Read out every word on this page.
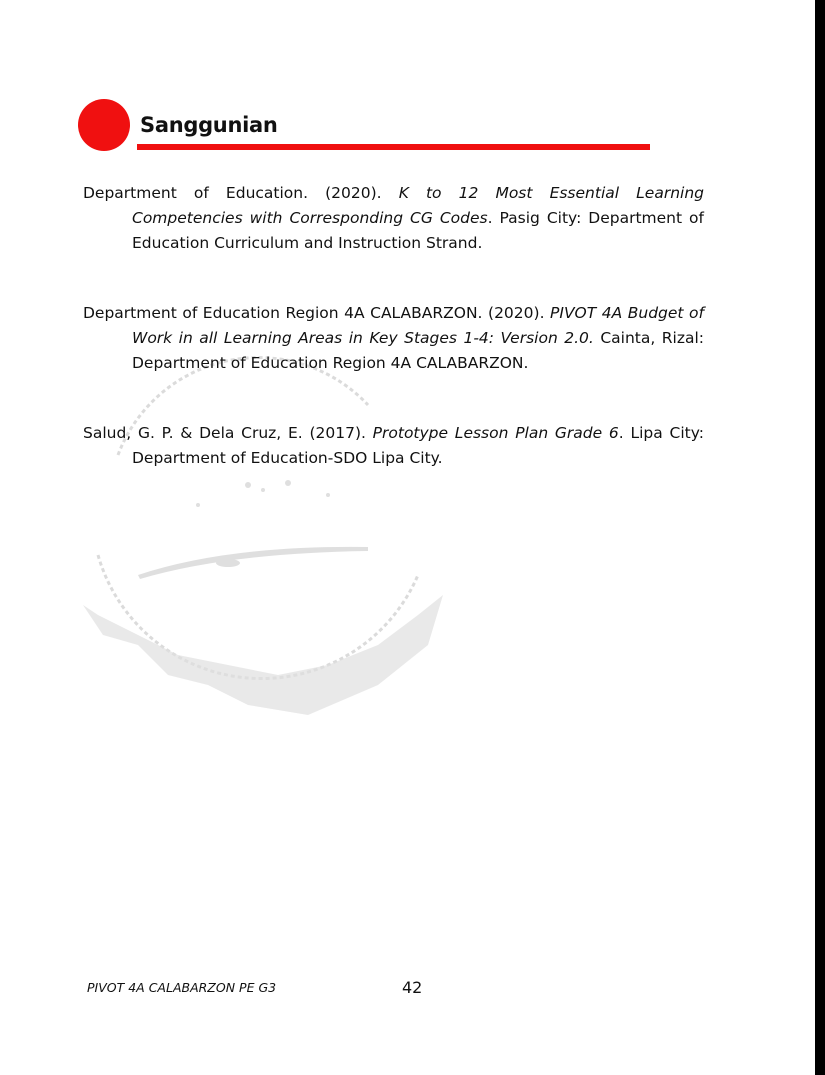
Sanggunian

Department of Education. (2020). K to 12 Most Essential Learning Competencies with Corresponding CG Codes. Pasig City: Department of Education Curriculum and Instruction Strand.

Department of Education Region 4A CALABARZON. (2020). PIVOT 4A Budget of Work in all Learning Areas in Key Stages 1-4: Version 2.0. Cainta, Rizal: Department of Education Region 4A CALABARZON.

Salud, G. P. & Dela Cruz, E. (2017). Prototype Lesson Plan Grade 6. Lipa City: Department of Education-SDO Lipa City.

PIVOT 4A CALABARZON PE G3	42
